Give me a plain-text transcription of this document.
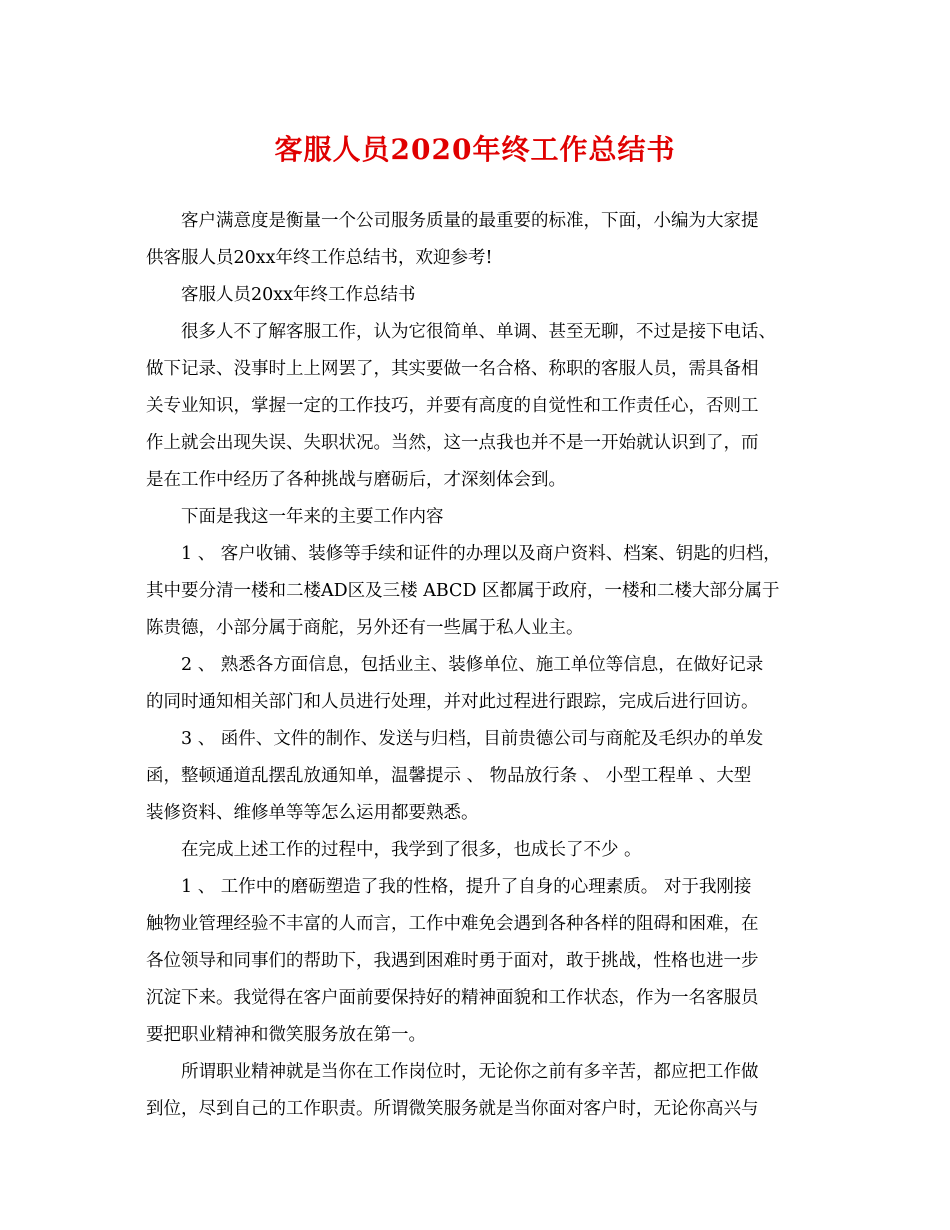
客服人员2020年终工作总结书
客户满意度是衡量一个公司服务质量的最重要的标准，下面，小编为大家提
供客服人员20xx年终工作总结书，欢迎参考!
客服人员20xx年终工作总结书
很多人不了解客服工作，认为它很简单、单调、甚至无聊，不过是接下电话、
做下记录、没事时上上网罢了，其实要做一名合格、称职的客服人员，需具备相
关专业知识，掌握一定的工作技巧，并要有高度的自觉性和工作责任心，否则工
作上就会出现失误、失职状况。当然，这一点我也并不是一开始就认识到了，而
是在工作中经历了各种挑战与磨砺后，才深刻体会到。
下面是我这一年来的主要工作内容
1 、 客户收铺、装修等手续和证件的办理以及商户资料、档案、钥匙的归档，
其中要分清一楼和二楼AD区及三楼 ABCD 区都属于政府，一楼和二楼大部分属于
陈贵德，小部分属于商舵，另外还有一些属于私人业主。
2 、 熟悉各方面信息，包括业主、装修单位、施工单位等信息，在做好记录
的同时通知相关部门和人员进行处理，并对此过程进行跟踪，完成后进行回访。
3 、 函件、文件的制作、发送与归档，目前贵德公司与商舵及毛织办的单发
函，整顿通道乱摆乱放通知单，温馨提示 、 物品放行条 、 小型工程单 、大型
装修资料、维修单等等怎么运用都要熟悉。
在完成上述工作的过程中，我学到了很多，也成长了不少 。
1 、 工作中的磨砺塑造了我的性格，提升了自身的心理素质。 对于我刚接
触物业管理经验不丰富的人而言，工作中难免会遇到各种各样的阻碍和困难，在
各位领导和同事们的帮助下，我遇到困难时勇于面对，敢于挑战，性格也进一步
沉淀下来。我觉得在客户面前要保持好的精神面貌和工作状态，作为一名客服员
要把职业精神和微笑服务放在第一。
所谓职业精神就是当你在工作岗位时，无论你之前有多辛苦，都应把工作做
到位，尽到自己的工作职责。所谓微笑服务就是当你面对客户时，无论你高兴与
